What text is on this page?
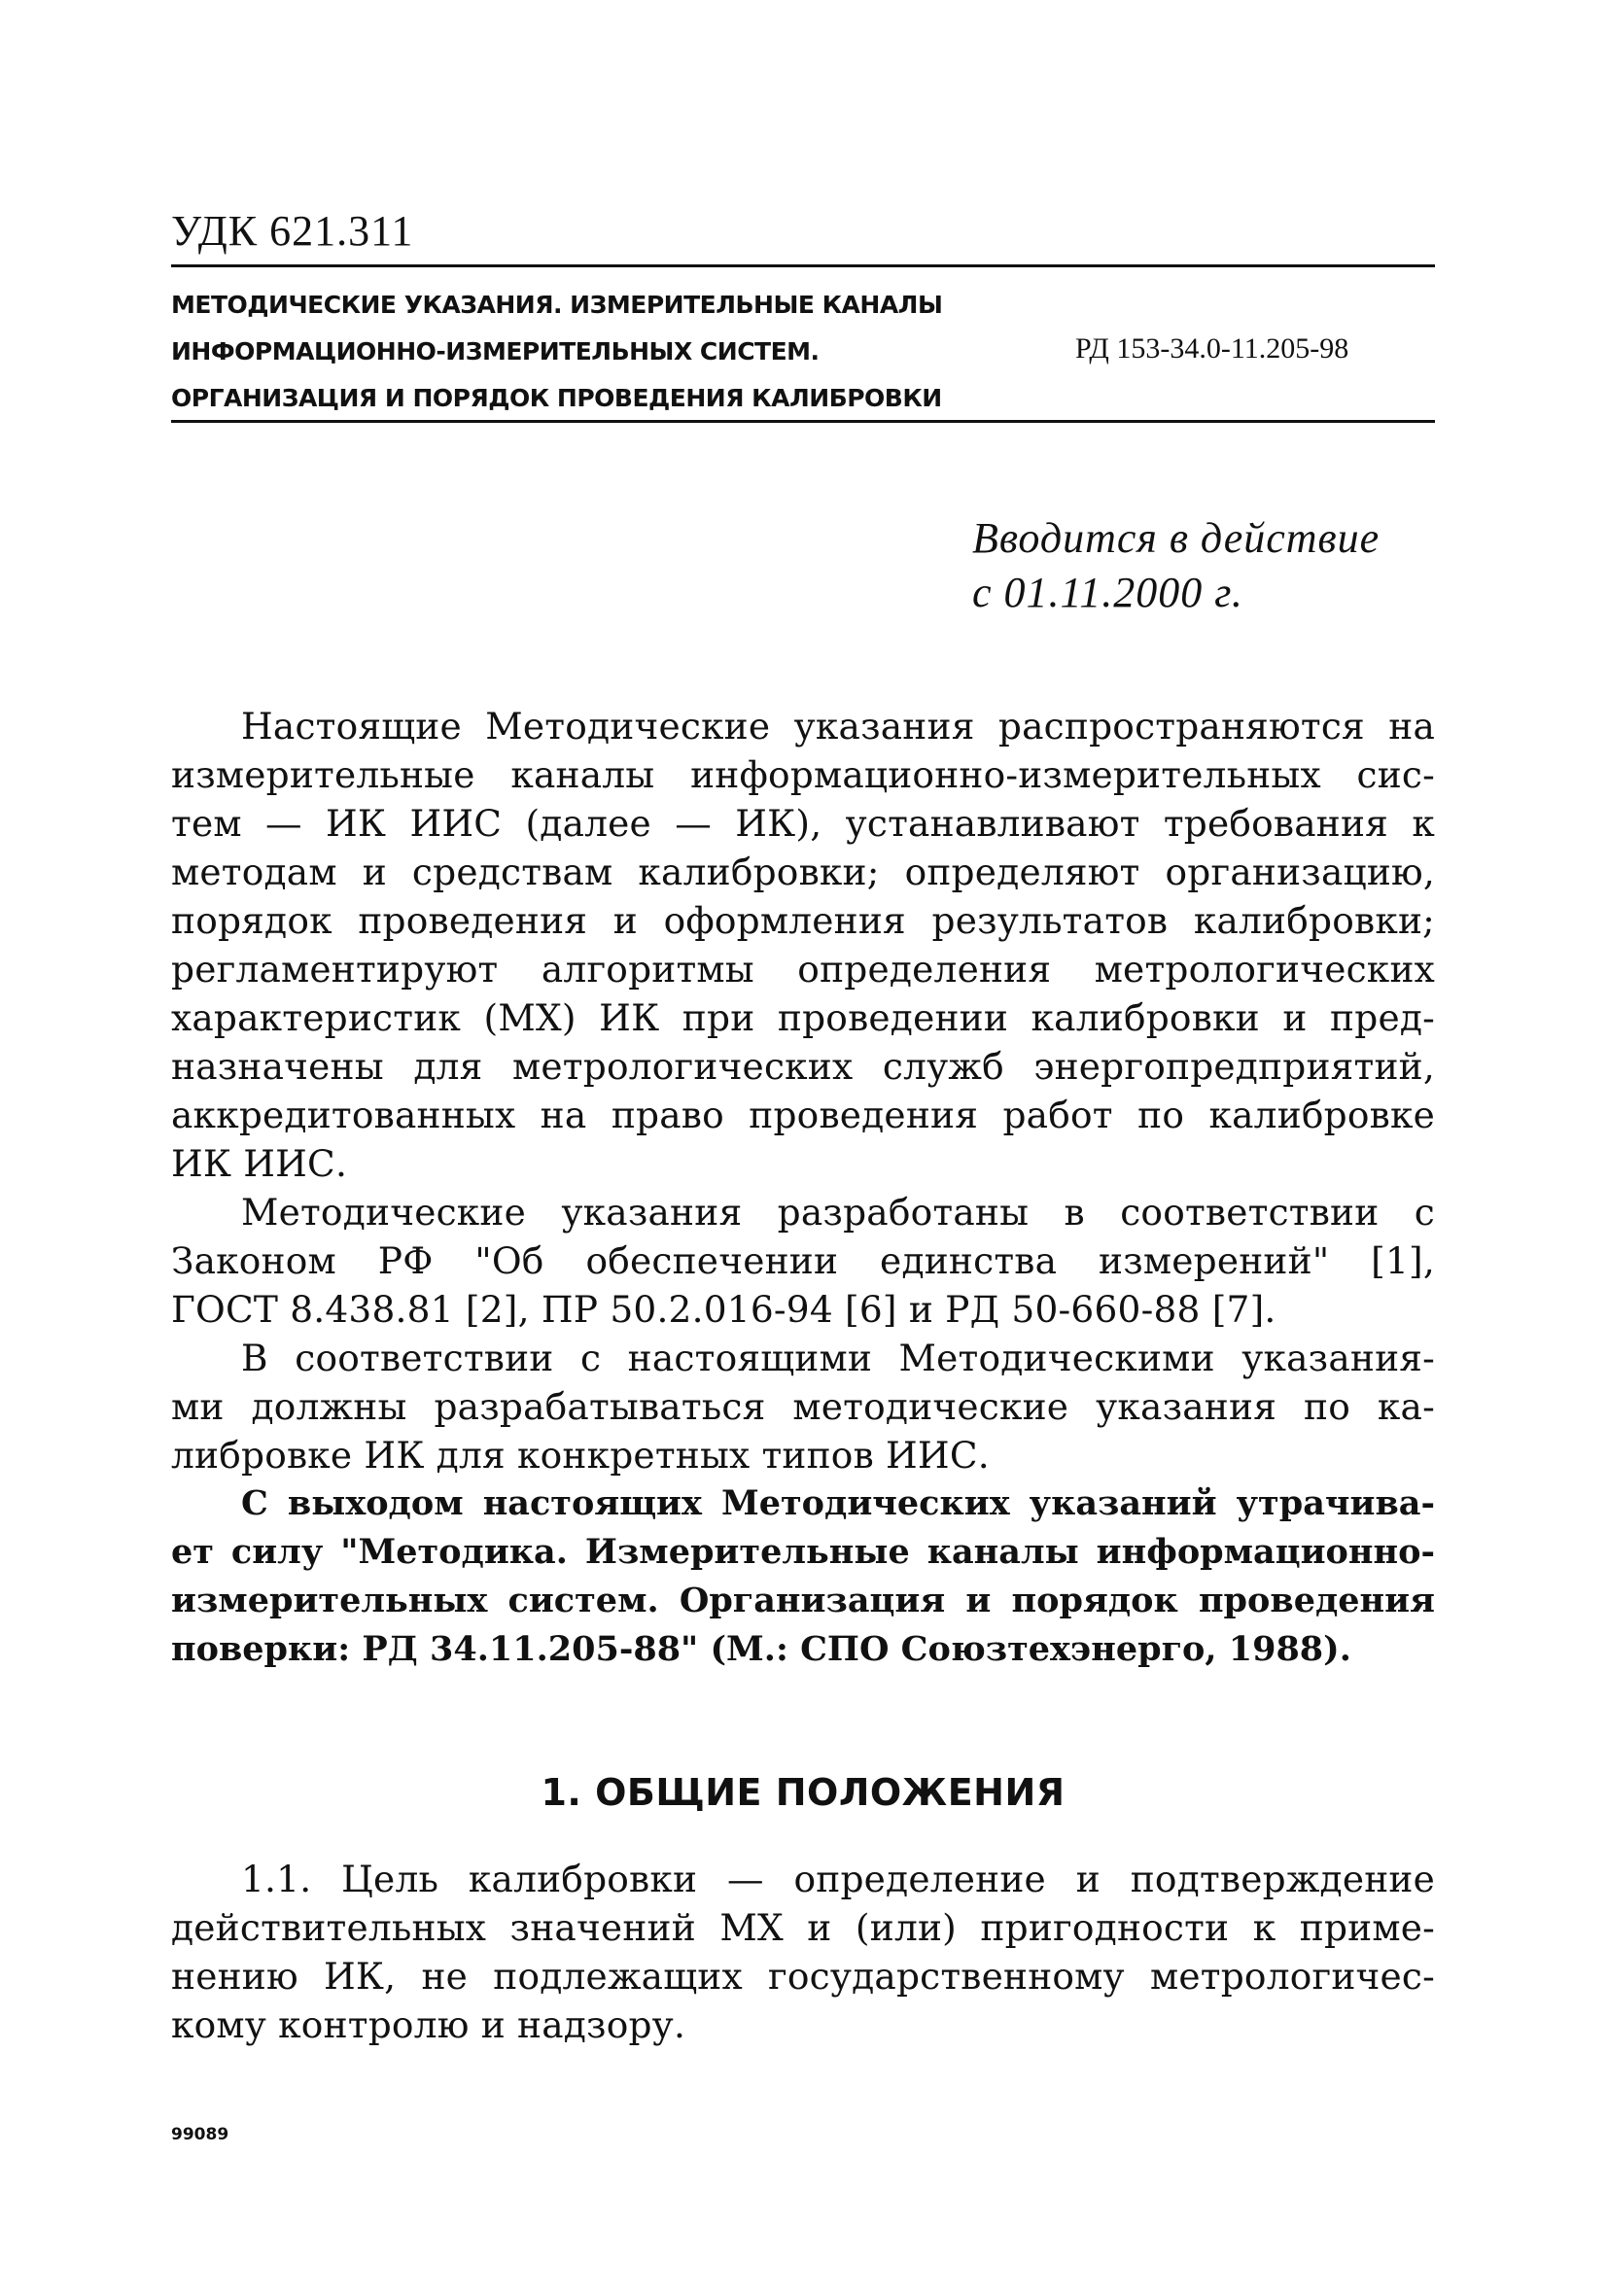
УДК 621.311
МЕТОДИЧЕСКИЕ УКАЗАНИЯ. ИЗМЕРИТЕЛЬНЫЕ КАНАЛЫ
ИНФОРМАЦИОННО-ИЗМЕРИТЕЛЬНЫХ СИСТЕМ.
ОРГАНИЗАЦИЯ И ПОРЯДОК ПРОВЕДЕНИЯ КАЛИБРОВКИ
РД 153-34.0-11.205-98
Вводится в действие
с 01.11.2000 г.
Настоящие Методические указания распространяются на
измерительные каналы информационно-измерительных сис-
тем — ИК ИИС (далее — ИК), устанавливают требования к
методам и средствам калибровки; определяют организацию,
порядок проведения и оформления результатов калибровки;
регламентируют алгоритмы определения метрологических
характеристик (МХ) ИК при проведении калибровки и пред-
назначены для метрологических служб энергопредприятий,
аккредитованных на право проведения работ по калибровке
ИК ИИС.
Методические указания разработаны в соответствии с
Законом РФ "Об обеспечении единства измерений" [1],
ГОСТ 8.438.81 [2], ПР 50.2.016-94 [6] и РД 50-660-88 [7].
В соответствии с настоящими Методическими указания-
ми должны разрабатываться методические указания по ка-
либровке ИК для конкретных типов ИИС.
С выходом настоящих Методических указаний утрачива-
ет силу "Методика. Измерительные каналы информационно-
измерительных систем. Организация и порядок проведения
поверки: РД 34.11.205-88" (М.: СПО Союзтехэнерго, 1988).
1. ОБЩИЕ ПОЛОЖЕНИЯ
1.1. Цель калибровки — определение и подтверждение
действительных значений МХ и (или) пригодности к приме-
нению ИК, не подлежащих государственному метрологичес-
кому контролю и надзору.
99089
